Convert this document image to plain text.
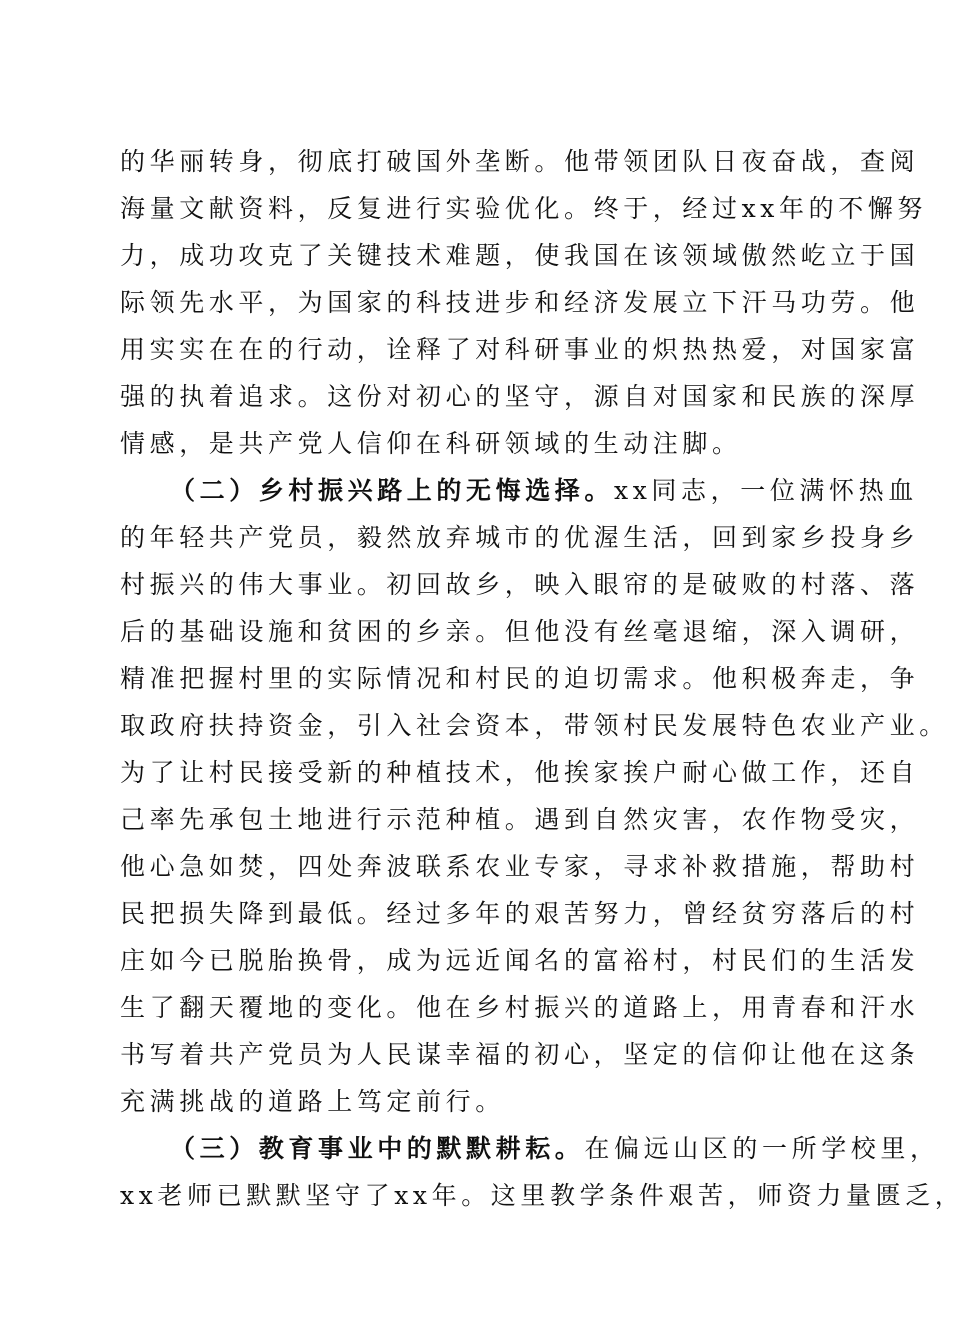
的华丽转身，彻底打破国外垄断。他带领团队日夜奋战，查阅
海量文献资料，反复进行实验优化。终于，经过xx年的不懈努
力，成功攻克了关键技术难题，使我国在该领域傲然屹立于国
际领先水平，为国家的科技进步和经济发展立下汗马功劳。他
用实实在在的行动，诠释了对科研事业的炽热热爱，对国家富
强的执着追求。这份对初心的坚守，源自对国家和民族的深厚
情感，是共产党人信仰在科研领域的生动注脚。
（二）乡村振兴路上的无悔选择。xx同志，一位满怀热血
的年轻共产党员，毅然放弃城市的优渥生活，回到家乡投身乡
村振兴的伟大事业。初回故乡，映入眼帘的是破败的村落、落
后的基础设施和贫困的乡亲。但他没有丝毫退缩，深入调研，
精准把握村里的实际情况和村民的迫切需求。他积极奔走，争
取政府扶持资金，引入社会资本，带领村民发展特色农业产业。
为了让村民接受新的种植技术，他挨家挨户耐心做工作，还自
己率先承包土地进行示范种植。遇到自然灾害，农作物受灾，
他心急如焚，四处奔波联系农业专家，寻求补救措施，帮助村
民把损失降到最低。经过多年的艰苦努力，曾经贫穷落后的村
庄如今已脱胎换骨，成为远近闻名的富裕村，村民们的生活发
生了翻天覆地的变化。他在乡村振兴的道路上，用青春和汗水
书写着共产党员为人民谋幸福的初心，坚定的信仰让他在这条
充满挑战的道路上笃定前行。
（三）教育事业中的默默耕耘。在偏远山区的一所学校里，
xx老师已默默坚守了xx年。这里教学条件艰苦，师资力量匮乏，
